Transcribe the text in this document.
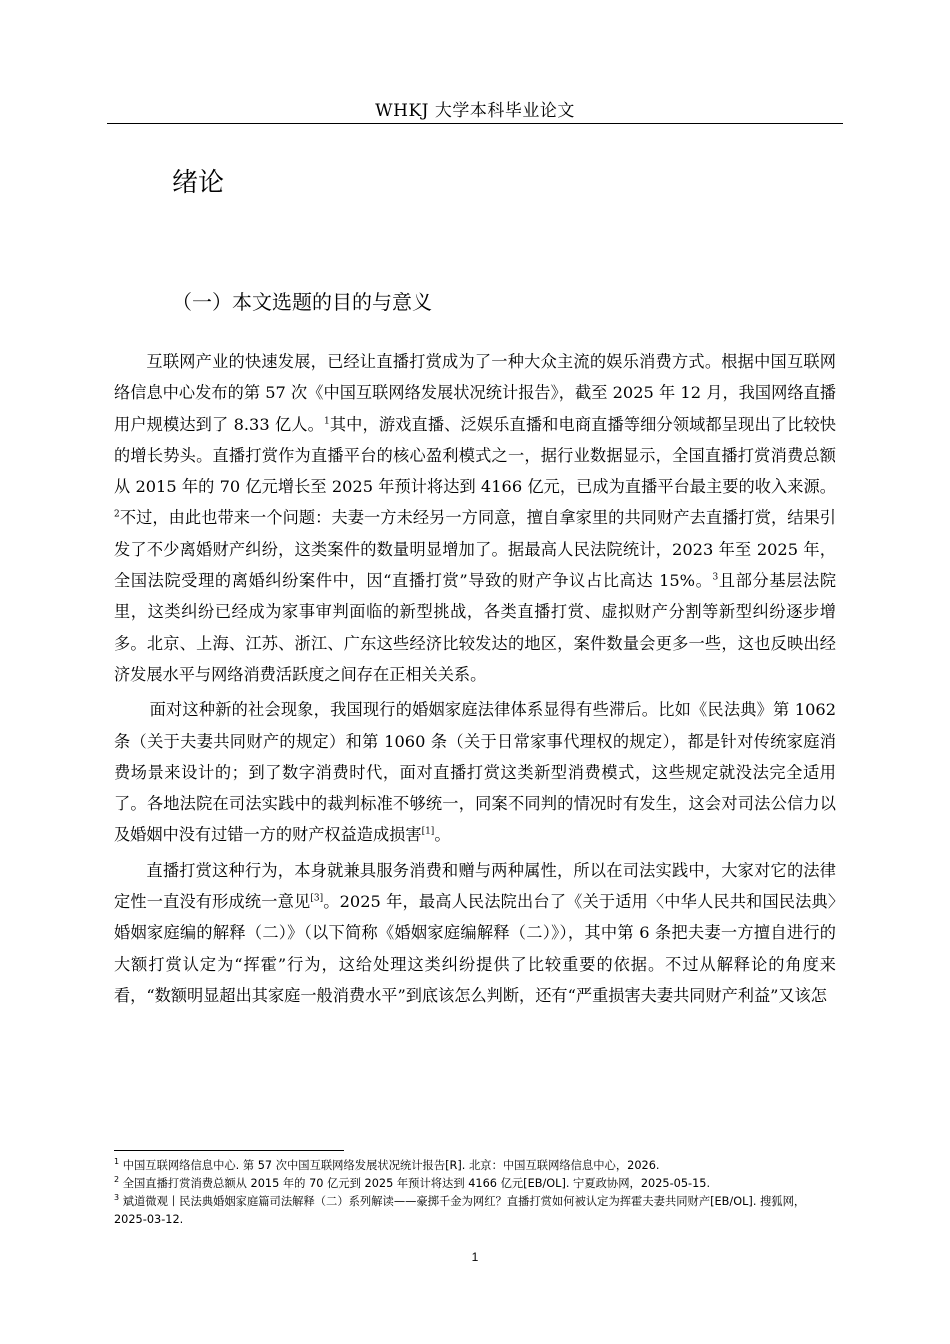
WHKJ 大学本科毕业论文
绪论
（一）本文选题的目的与意义

互联网产业的快速发展，已经让直播打赏成为了一种大众主流的娱乐消费方式。根据中国互联网络信息中心发布的第 57 次《中国互联网络发展状况统计报告》，截至 2025 年 12 月，我国网络直播用户规模达到了 8.33 亿人。$^1$其中，游戏直播、泛娱乐直播和电商直播等细分领域都呈现出了比较快的增长势头。直播打赏作为直播平台的核心盈利模式之一，据行业数据显示，全国直播打赏消费总额从 2015 年的 70 亿元增长至 2025 年预计将达到 4166 亿元，已成为直播平台最主要的收入来源。$^2$不过，由此也带来一个问题：夫妻一方未经另一方同意，擅自拿家里的共同财产去直播打赏，结果引发了不少离婚财产纠纷，这类案件的数量明显增加了。据最高人民法院统计，2023 年至 2025 年，全国法院受理的离婚纠纷案件中，因“直播打赏”导致的财产争议占比高达 15%。$^3$且部分基层法院里，这类纠纷已经成为家事审判面临的新型挑战，各类直播打赏、虚拟财产分割等新型纠纷逐步增多。北京、上海、江苏、浙江、广东这些经济比较发达的地区，案件数量会更多一些，这也反映出经济发展水平与网络消费活跃度之间存在正相关关系。

面对这种新的社会现象，我国现行的婚姻家庭法律体系显得有些滞后。比如《民法典》第 1062 条（关于夫妻共同财产的规定）和第 1060 条（关于日常家事代理权的规定），都是针对传统家庭消费场景来设计的；到了数字消费时代，面对直播打赏这类新型消费模式，这些规定就没法完全适用了。各地法院在司法实践中的裁判标准不够统一，同案不同判的情况时有发生，这会对司法公信力以及婚姻中没有过错一方的财产权益造成损害[1]。

直播打赏这种行为，本身就兼具服务消费和赠与两种属性，所以在司法实践中，大家对它的法律定性一直没有形成统一意见[3]。2025 年，最高人民法院出台了《关于适用〈中华人民共和国民法典〉婚姻家庭编的解释（二）》（以下简称《婚姻家庭编解释（二）》），其中第 6 条把夫妻一方擅自进行的大额打赏认定为“挥霍”行为，这给处理这类纠纷提供了比较重要的依据。不过从解释论的角度来看，“数额明显超出其家庭一般消费水平”到底该怎么判断，还有“严重损害夫妻共同财产利益”又该怎

$^1$ 中国互联网络信息中心. 第 57 次中国互联网络发展状况统计报告[R]. 北京：中国互联网络信息中心，2026.

$^2$ 全国直播打赏消费总额从 2015 年的 70 亿元到 2025 年预计将达到 4166 亿元[EB/OL]. 宁夏政协网，2025-05-15.

$^3$ 斌道微观丨民法典婚姻家庭篇司法解释（二）系列解读——豪掷千金为网红？直播打赏如何被认定为挥霍夫妻共同财产[EB/OL]. 搜狐网，2025-03-12.

1
